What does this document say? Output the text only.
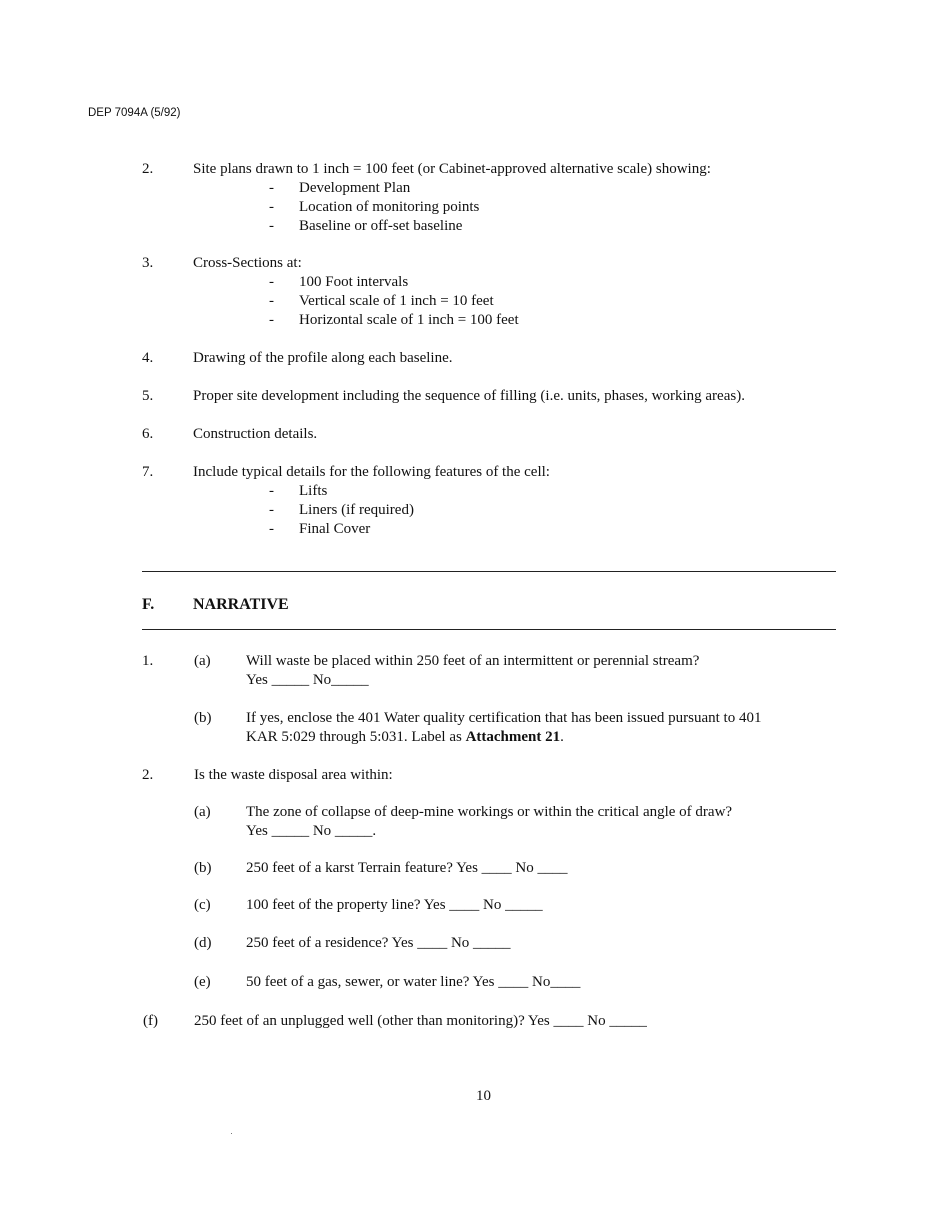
DEP 7094A (5/92)
2.	Site plans drawn to 1 inch = 100 feet (or Cabinet-approved alternative scale) showing:
- Development Plan
- Location of monitoring points
- Baseline or off-set baseline
3.	Cross-Sections at:
- 100 Foot intervals
- Vertical scale of 1 inch = 10 feet
- Horizontal scale of 1 inch = 100 feet
4.	Drawing of the profile along each baseline.
5.	Proper site development including the sequence of filling (i.e. units, phases, working areas).
6.	Construction details.
7.	Include typical details for the following features of the cell:
- Lifts
- Liners (if required)
- Final Cover
F. NARRATIVE
1.	(a) Will waste be placed within 250 feet of an intermittent or perennial stream?
Yes _____ No_____
(b) If yes, enclose the 401 Water quality certification that has been issued pursuant to 401
KAR 5:029 through 5:031. Label as Attachment 21.
2.	Is the waste disposal area within:
(a) The zone of collapse of deep-mine workings or within the critical angle of draw?
Yes _____ No _____.
(b) 250 feet of a karst Terrain feature? Yes ____ No ____
(c) 100 feet of the property line? Yes ____ No _____
(d) 250 feet of a residence? Yes ____ No _____
(e) 50 feet of a gas, sewer, or water line? Yes ____ No____
(f) 250 feet of an unplugged well (other than monitoring)? Yes ____ No _____
10
